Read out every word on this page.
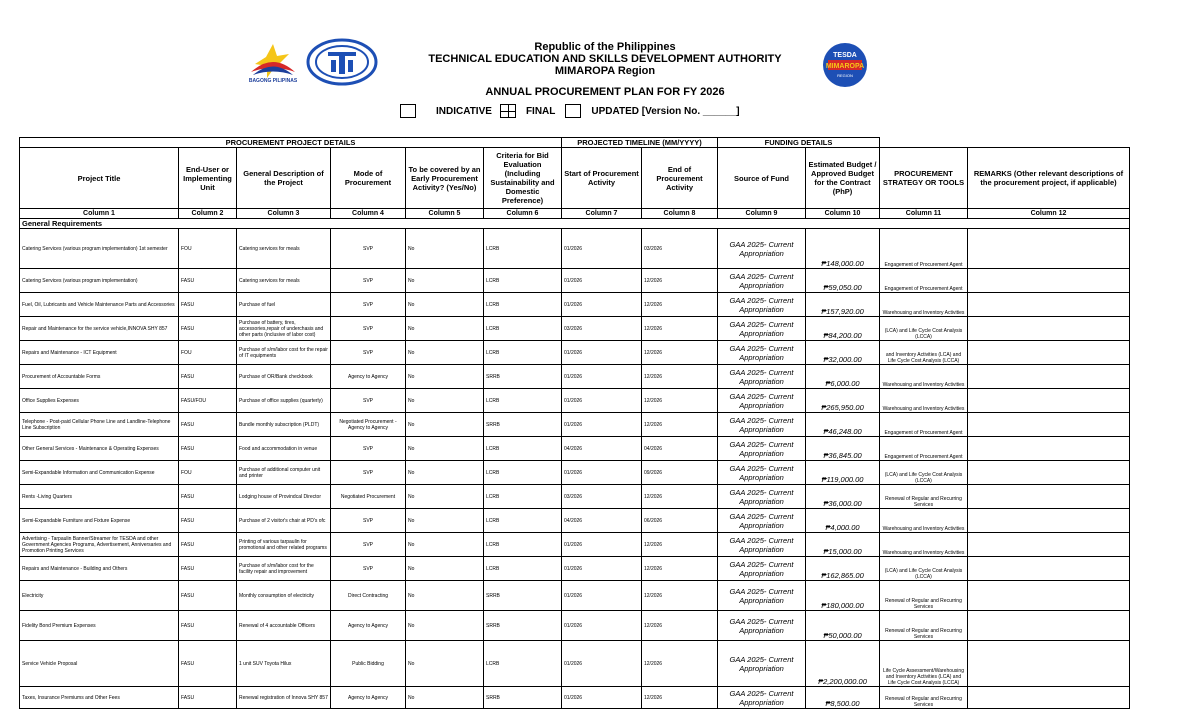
BAGONG PILIPINAS
TESDA
MIMAROPA
REGION
Republic of the Philippines
TECHNICAL EDUCATION AND SKILLS DEVELOPMENT AUTHORITY
MIMAROPA Region
ANNUAL PROCUREMENT PLAN FOR FY 2026
INDICATIVE	FINAL	UPDATED [Version No. ______]
PROCUREMENT PROJECT DETAILS						PROJECTED TIMELINE (MM/YYYY)		FUNDING DETAILS			
Project Title	End-User or Implementing Unit	General Description of the Project	Mode of Procurement	To be covered by an Early Procurement Activity? (Yes/No)	Criteria for Bid Evaluation (Including Sustainability and Domestic Preference)	Start of Procurement Activity	End of Procurement Activity	Source of Fund	Estimated Budget / Approved Budget for the Contract (PhP)	PROCUREMENT STRATEGY OR TOOLS	REMARKS (Other relevant descriptions of the procurement project, if applicable)
Column 1	Column 2	Column 3	Column 4	Column 5	Column 6	Column 7	Column 8	Column 9	Column 10	Column 11	Column 12
General Requirements											
Catering Services (various program implementation) 1st semester	FOU	Catering services for meals	SVP	No	LCRB	01/2026	03/2026	GAA 2025- Current Appropriation	₱148,000.00	Engagement of Procurement Agent	
Catering Services (various program implementation)	FASU	Catering services for meals	SVP	No	LCRB	01/2026	12/2026	GAA 2025- Current Appropriation	₱59,050.00	Engagement of Procurement Agent	
Fuel, Oil, Lubricants and Vehicle Maintenance Parts and Accessories	FASU	Purchase of fuel	SVP	No	LCRB	01/2026	12/2026	GAA 2025- Current Appropriation	₱157,920.00	Warehousing and Inventory Activities	
Repair and Maintenance for the service vehicle,INNOVA SHY 857	FASU	Purchase of battery, tires, accessories,repair of underchasis and other parts (inclusive of labor cost)	SVP	No	LCRB	03/2026	12/2026	GAA 2025- Current Appropriation	₱84,200.00	(LCA) and Life Cycle Cost Analysis (LCCA)	
Repairs and Maintenance - ICT Equipment	FOU	Purchase of s/m/labor cost for the repair of IT equipments	SVP	No	LCRB	01/2026	12/2026	GAA 2025- Current Appropriation	₱32,000.00	and Inventory Activities (LCA) and Life Cycle Cost Analysis (LCCA)	
Procurement of Accountable Forms	FASU	Purchase of OR/Bank checkbook	Agency to Agency	No	SRRB	01/2026	12/2026	GAA 2025- Current Appropriation	₱6,000.00	Warehousing and Inventory Activities	
Office Supplies Expenses	FASU/FOU	Purchase of office supplies (quarterly)	SVP	No	LCRB	01/2026	12/2026	GAA 2025- Current Appropriation	₱265,950.00	Warehousing and Inventory Activities	
Telephone - Post-paid Cellular Phone Line and Landline-Telephone Line Subscription	FASU	Bundle monthly subscription (PLDT)	Negotiated Procurement - Agency to Agency	No	SRRB	01/2026	12/2026	GAA 2025- Current Appropriation	₱46,248.00	Engagement of Procurement Agent	
Other General Services - Maintenance & Operating Expenses	FASU	Food and accommodation in venue	SVP	No	LCRB	04/2026	04/2026	GAA 2025- Current Appropriation	₱36,845.00	Engagement of Procurement Agent	
Semi-Expandable Information and Communication Expense	FOU	Purchase of additional computer unit and printer	SVP	No	LCRB	01/2026	09/2026	GAA 2025- Current Appropriation	₱119,000.00	(LCA) and Life Cycle Cost Analysis (LCCA)	
Rents -Living Quarters	FASU	Lodging house of Provindcal Director	Negotiated Procurement	No	LCRB	03/2026	12/2026	GAA 2025- Current Appropriation	₱36,000.00	Renewal of Regular and Recurring Services	
Semi-Expandable Furniture and Fixture Expense	FASU	Purchase of 2 visitor's chair at PD's ofc	SVP	No	LCRB	04/2026	06/2026	GAA 2025- Current Appropriation	₱4,000.00	Warehousing and Inventory Activities	
Advertising - Tarpaulin Banner/Streamer for TESDA and other Government Agencies Programs, Advertisement, Anniversaries and Promotion Printing Services	FASU	Printing of various tarpaulin for promotional and other related programs	SVP	No	LCRB	01/2026	12/2026	GAA 2025- Current Appropriation	₱15,000.00	Warehousing and Inventory Activities	
Repairs and Maintenance - Building and Others	FASU	Purchase of s/m/labor cost for the facility repair and improvement	SVP	No	LCRB	01/2026	12/2026	GAA 2025- Current Appropriation	₱162,865.00	(LCA) and Life Cycle Cost Analysis (LCCA)	
Electricity	FASU	Monthly consumption of electricity	Direct Contracting	No	SRRB	01/2026	12/2026	GAA 2025- Current Appropriation	₱180,000.00	Renewal of Regular and Recurring Services	
Fidelity Bond Premium Expenses	FASU	Renewal of 4 accountable Officers	Agency to Agency	No	SRRB	01/2026	12/2026	GAA 2025- Current Appropriation	₱50,000.00	Renewal of Regular and Recurring Services	
Service Vehicle Proposal	FASU	1 unit SUV Toyota Hilux	Public Bidding	No	LCRB	01/2026	12/2026	GAA 2025- Current Appropriation	₱2,200,000.00	Life Cycle Assessment/Warehousing and Inventory Activities (LCA) and Life Cycle Cost Analysis (LCCA)	
Taxes, Insurance Premiums and Other Fees	FASU	Renewal registration of Innova SHY 857	Agency to Agency	No	SRRB	01/2026	12/2026	GAA 2025- Current Appropriation	₱8,500.00	Renewal of Regular and Recurring Services	
